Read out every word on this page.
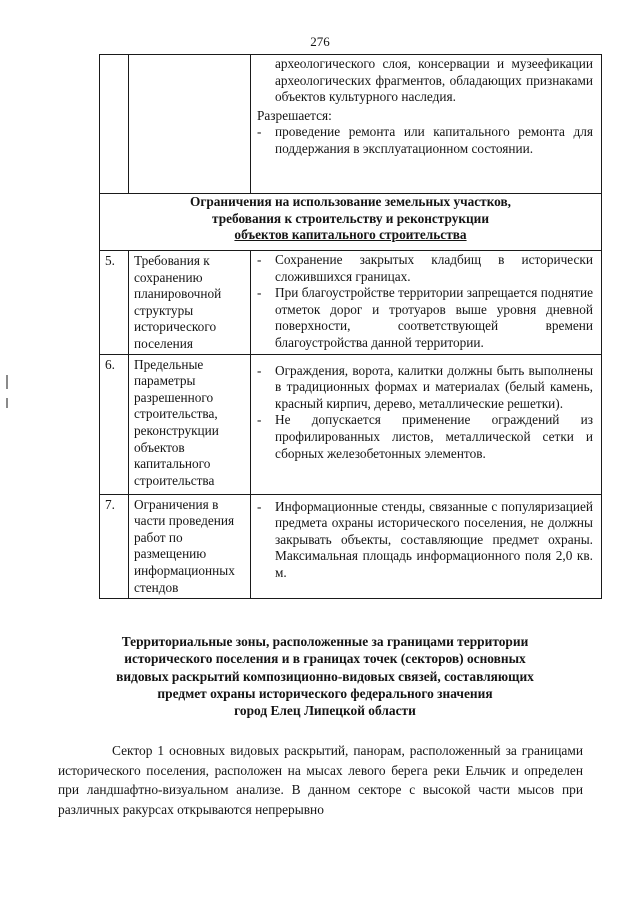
276

		археологического слоя, консервации и музеефикации археологических фрагментов, обладающих признаками объектов культурного наследия.
Разрешается:
- проведение ремонта или капитального ремонта для поддержания в эксплуатационном состоянии.

Ограничения на использование земельных участков,
требования к строительству и реконструкции
объектов капитального строительства		

5.	Требования к сохранению планировочной структуры исторического поселения	- Сохранение закрытых кладбищ в исторически сложившихся границах.
- При благоустройстве территории запрещается поднятие отметок дорог и тротуаров выше уровня дневной поверхности, соответствующей времени благоустройства данной территории.

6.	Предельные параметры разрешенного строительства, реконструкции объектов капитального строительства	- Ограждения, ворота, калитки должны быть выполнены в традиционных формах и материалах (белый камень, красный кирпич, дерево, металлические решетки).
- Не допускается применение ограждений из профилированных листов, металлической сетки и сборных железобетонных элементов.

7.	Ограничения в части проведения работ по размещению информационных стендов	- Информационные стенды, связанные с популяризацией предмета охраны исторического поселения, не должны закрывать объекты, составляющие предмет охраны. Максимальная площадь информационного поля 2,0 кв. м.
Территориальные зоны, расположенные за границами территории
исторического поселения и в границах точек (секторов) основных
видовых раскрытий композиционно-видовых связей, составляющих
предмет охраны исторического федерального значения
город Елец Липецкой области
Сектор 1 основных видовых раскрытий, панорам, расположенный за границами исторического поселения, расположен на мысах левого берега реки Ельчик и определен при ландшафтно-визуальном анализе. В данном секторе с высокой части мысов при различных ракурсах открываются непрерывно
